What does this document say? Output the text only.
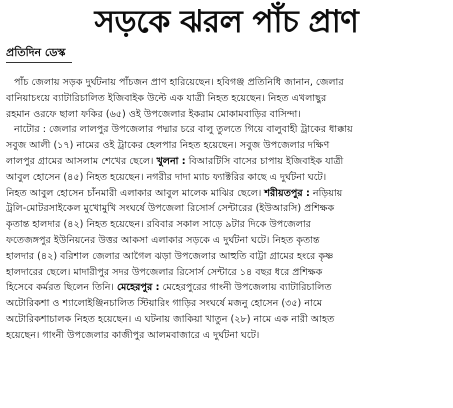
সড়কে ঝরল পাঁচ প্রাণ
প্রতিদিন ডেস্ক
পাঁচ জেলায় সড়ক দুর্ঘটনায় পাঁচজন প্রাণ হারিয়েছেন। হবিগঞ্জ প্রতিনিধি জানান, জেলার
বানিয়াচংয়ে ব্যাটারিচালিত ইজিবাইক উল্টে এক যাত্রী নিহত হয়েছেন। নিহত এখলাছুর
রহমান ওরফে ছালা ফকির (৬৫) ওই উপজেলার ইকরাম মোকামবাড়ির বাসিন্দা।
নাটোর : জেলার লালপুর উপজেলার পদ্মার চরে বালু তুলতে গিয়ে বালুবাহী ট্রাকের ধাক্কায়
সবুজ আলী (১৭) নামের ওই ট্রাকের হেলপার নিহত হয়েছেন। সবুজ উপজেলার দক্ষিণ
লালপুর গ্রামের আসলাম শেখের ছেলে। খুলনা : বিআরটিসি বাসের চাপায় ইজিবাইক যাত্রী
আবুল হোসেন (৪৫) নিহত হয়েছেন। নগরীর দাদা ম্যাচ ফ্যাক্টরির কাছে এ দুর্ঘটনা ঘটে।
নিহত আবুল হোসেন চাঁনমারী এলাকার আবুল মালেক মাঝির ছেলে। শরীয়তপুর : নড়িয়ায়
ট্রলি-মোটরসাইকেল মুখোমুখি সংঘর্ষে উপজেলা রিসোর্স সেন্টারের (ইউআরসি) প্রশিক্ষক
কৃতান্ত হালদার (৪২) নিহত হয়েছেন। রবিবার সকাল সাড়ে ৯টার দিকে উপজেলার
ফতেজঙ্গপুর ইউনিয়নের উত্তর আকসা এলাকার সড়কে এ দুর্ঘটনা ঘটে। নিহত কৃতান্ত
হালদার (৪২) বরিশাল জেলার আগৈল ঝড়া উপজেলার আহুতি বাট্টা গ্রামের হংরে কৃষ্ণ
হালদারের ছেলে। মাদারীপুর সদর উপজেলার রিসোর্স সেন্টারে ১৪ বছর ধরে প্রশিক্ষক
হিসেবে কর্মরত ছিলেন তিনি। মেহেরপুর : মেহেরপুরের গাংনী উপজেলায় ব্যাটারিচালিত
অটোরিকশা ও শ্যালোইঞ্জিনচালিত স্টিয়ারিং গাড়ির সংঘর্ষে মজনু হোসেন (৩৫) নামে
অটোরিকশাচালক নিহত হয়েছেন। এ ঘটনায় জাকিয়া খাতুন (২৮) নামে এক নারী আহত
হয়েছেন। গাংনী উপজেলার কাজীপুর আলমবাজারে এ দুর্ঘটনা ঘটে।
